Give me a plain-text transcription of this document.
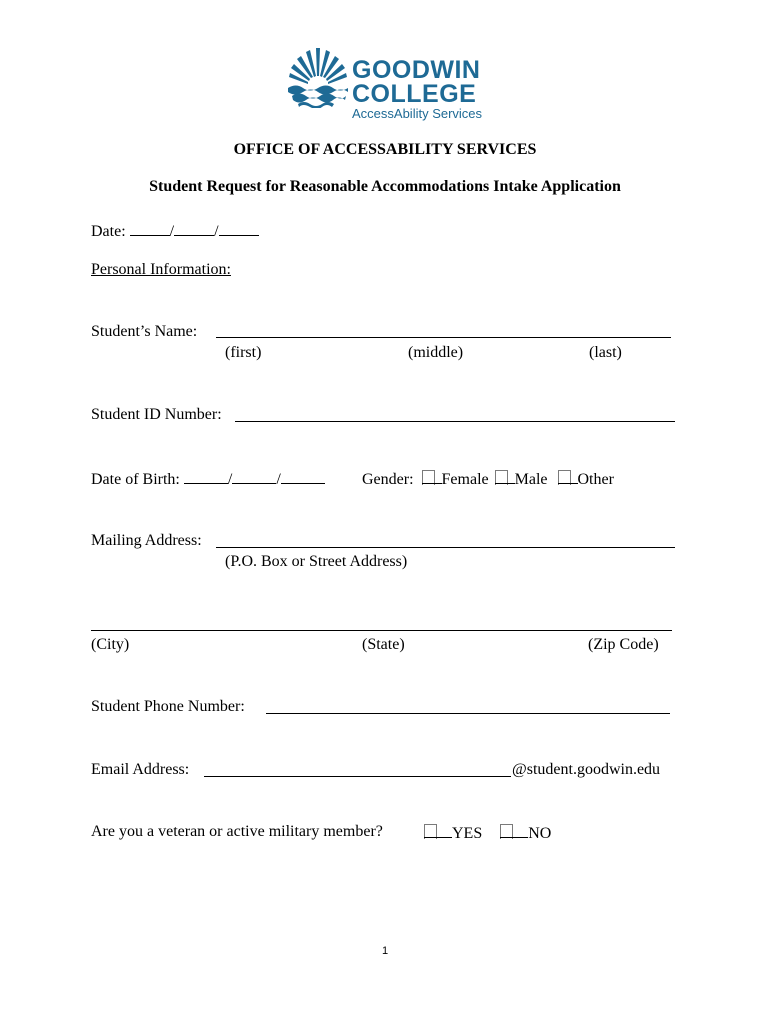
GOODWIN
COLLEGE
AccessAbility Services
OFFICE OF ACCESSABILITY SERVICES
Student Request for Reasonable Accommodations Intake Application
Date:	/	/
Personal Information:
Student’s Name:
(first)	(middle)	(last)
Student ID Number:
Date of Birth:	/	/	Gender: Female Male Other
Mailing Address:
(P.O. Box or Street Address)
(City)	(State)	(Zip Code)
Student Phone Number:
Email Address:	@student.goodwin.edu
Are you a veteran or active military member?	YES	NO
1
